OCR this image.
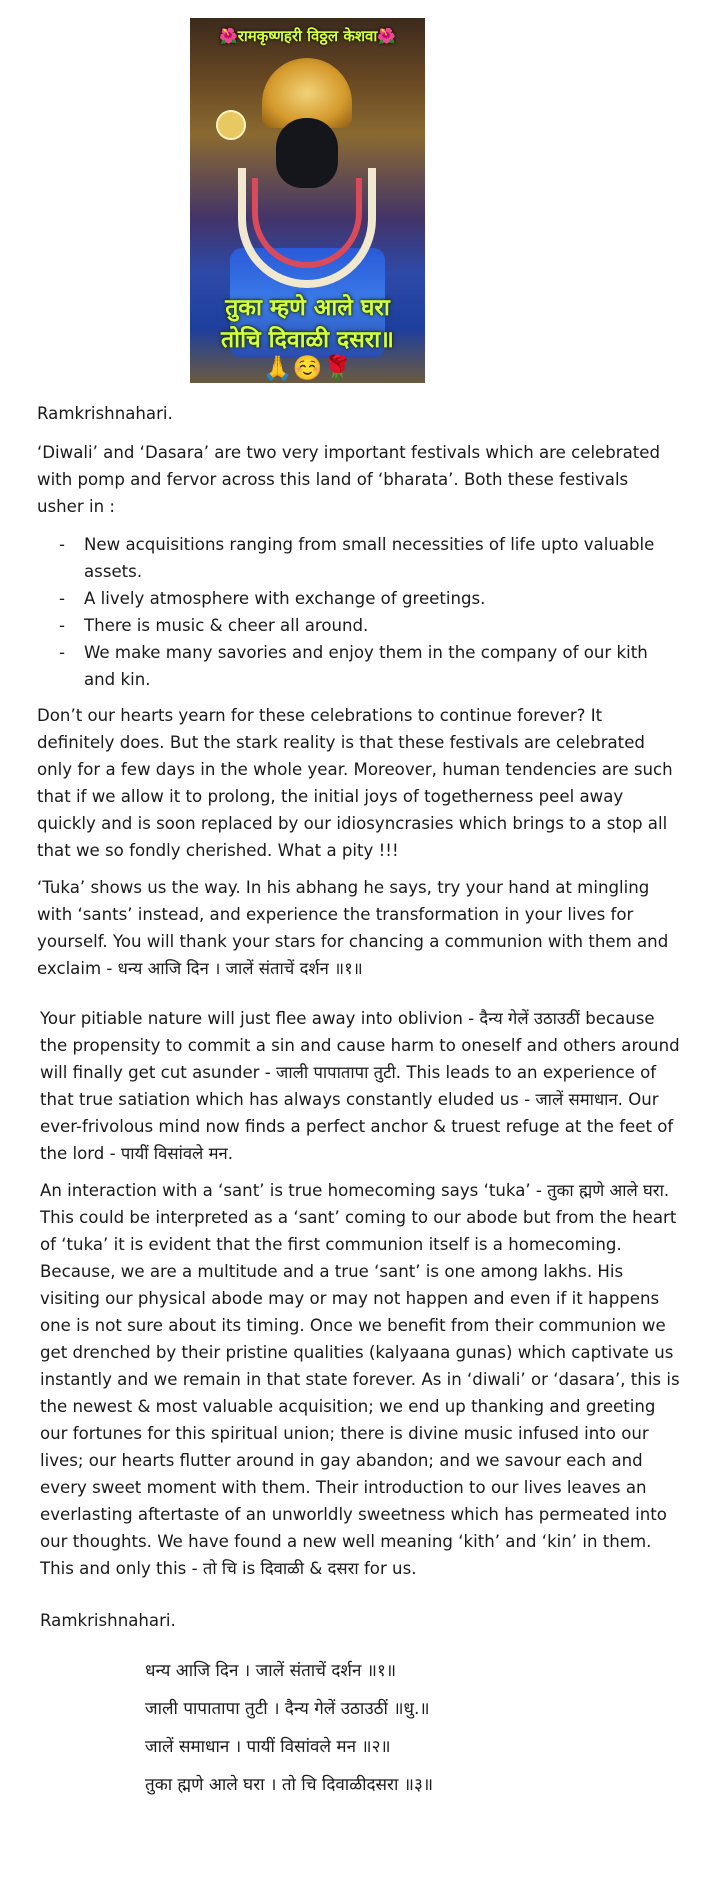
🌺रामकृष्णहरी विठ्ठल केशवा🌺
तुका म्हणे आले घरा
तोचि दिवाळी दसरा॥
🙏☺️🌹

Ramkrishnahari.

‘Diwali’ and ‘Dasara’ are two very important festivals which are celebrated with pomp and fervor across this land of ‘bharata’. Both these festivals usher in :

- New acquisitions ranging from small necessities of life upto valuable assets.
- A lively atmosphere with exchange of greetings.
- There is music & cheer all around.
- We make many savories and enjoy them in the company of our kith and kin.

Don’t our hearts yearn for these celebrations to continue forever? It definitely does. But the stark reality is that these festivals are celebrated only for a few days in the whole year. Moreover, human tendencies are such that if we allow it to prolong, the initial joys of togetherness peel away quickly and is soon replaced by our idiosyncrasies which brings to a stop all that we so fondly cherished. What a pity !!!

‘Tuka’ shows us the way. In his abhang he says, try your hand at mingling with ‘sants’ instead, and experience the transformation in your lives for yourself. You will thank your stars for chancing a communion with them and exclaim - धन्य आजि दिन । जालें संताचें दर्शन ॥१॥

Your pitiable nature will just flee away into oblivion - दैन्य गेलें उठाउठीं because the propensity to commit a sin and cause harm to oneself and others around will finally get cut asunder - जाली पापातापा तुटी. This leads to an experience of that true satiation which has always constantly eluded us - जालें समाधान. Our ever-frivolous mind now finds a perfect anchor & truest refuge at the feet of the lord - पायीं विसांवले मन.

An interaction with a ‘sant’ is true homecoming says ‘tuka’ - तुका ह्मणे आले घरा. This could be interpreted as a ‘sant’ coming to our abode but from the heart of ‘tuka’ it is evident that the first communion itself is a homecoming. Because, we are a multitude and a true ‘sant’ is one among lakhs. His visiting our physical abode may or may not happen and even if it happens one is not sure about its timing. Once we benefit from their communion we get drenched by their pristine qualities (kalyaana gunas) which captivate us instantly and we remain in that state forever. As in ‘diwali’ or ‘dasara’, this is the newest & most valuable acquisition; we end up thanking and greeting our fortunes for this spiritual union; there is divine music infused into our lives; our hearts flutter around in gay abandon; and we savour each and every sweet moment with them. Their introduction to our lives leaves an everlasting aftertaste of an unworldly sweetness which has permeated into our thoughts. We have found a new well meaning ‘kith’ and ‘kin’ in them. This and only this - तो चि is दिवाळी & दसरा for us.

Ramkrishnahari.

धन्य आजि दिन । जालें संताचें दर्शन ॥१॥
जाली पापातापा तुटी । दैन्य गेलें उठाउठीं ॥धु.॥
जालें समाधान । पायीं विसांवले मन ॥२॥
तुका ह्मणे आले घरा । तो चि दिवाळीदसरा ॥३॥
